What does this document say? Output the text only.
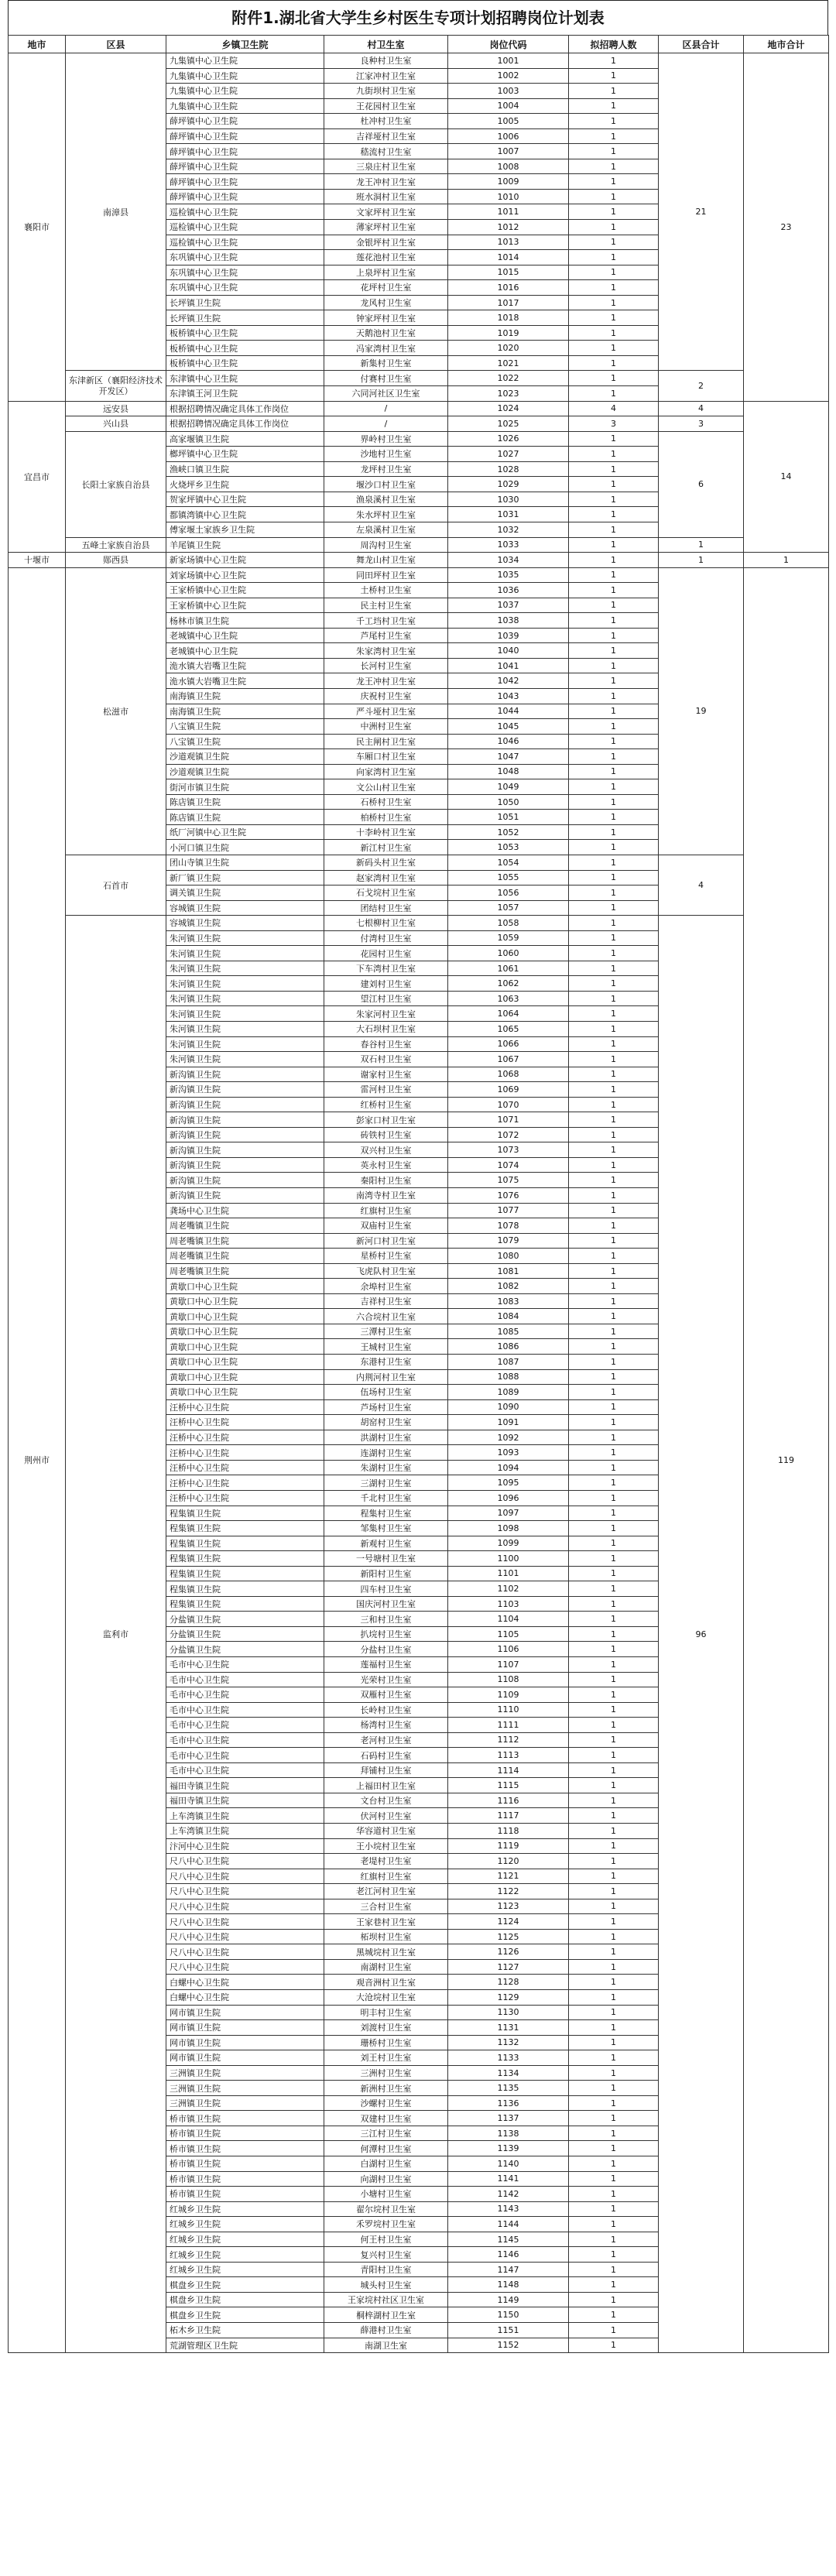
附件1.湖北省大学生乡村医生专项计划招聘岗位计划表
地市	区县	乡镇卫生院	村卫生室	岗位代码	拟招聘人数	区县合计	地市合计
襄阳市	南漳县	九集镇中心卫生院	良种村卫生室	1001	1	21	23
		九集镇中心卫生院	江家冲村卫生室	1002	1		
		九集镇中心卫生院	九街坝村卫生室	1003	1		
		九集镇中心卫生院	王花园村卫生室	1004	1		
		薛坪镇中心卫生院	杜冲村卫生室	1005	1		
		薛坪镇中心卫生院	吉祥垭村卫生室	1006	1		
		薛坪镇中心卫生院	嵇流村卫生室	1007	1		
		薛坪镇中心卫生院	三泉庄村卫生室	1008	1		
		薛坪镇中心卫生院	龙王冲村卫生室	1009	1		
		薛坪镇中心卫生院	班水洞村卫生室	1010	1		
		巡检镇中心卫生院	文家坪村卫生室	1011	1		
		巡检镇中心卫生院	薄家坪村卫生室	1012	1		
		巡检镇中心卫生院	金银坪村卫生室	1013	1		
		东巩镇中心卫生院	莲花池村卫生室	1014	1		
		东巩镇中心卫生院	上泉坪村卫生室	1015	1		
		东巩镇中心卫生院	花坪村卫生室	1016	1		
		长坪镇卫生院	龙风村卫生室	1017	1		
		长坪镇卫生院	钟家坪村卫生室	1018	1		
		板桥镇中心卫生院	天鹅池村卫生室	1019	1		
		板桥镇中心卫生院	冯家湾村卫生室	1020	1		
		板桥镇中心卫生院	新集村卫生室	1021	1		
	东津新区（襄阳经济技术开发区）	东津镇中心卫生院	付赛村卫生室	1022	1	2	
		东津镇王河卫生院	六同河社区卫生室	1023	1		
宜昌市	远安县	根据招聘情况确定具体工作岗位	/	1024	4	4	14
	兴山县	根据招聘情况确定具体工作岗位	/	1025	3	3	
	长阳土家族自治县	高家堰镇卫生院	界岭村卫生室	1026	1	6	
		榔坪镇中心卫生院	沙地村卫生室	1027	1		
		渔峡口镇卫生院	龙坪村卫生室	1028	1		
		火烧坪乡卫生院	堰沙口村卫生室	1029	1		
		贺家坪镇中心卫生院	渔泉溪村卫生室	1030	1		
		都镇湾镇中心卫生院	朱水坪村卫生室	1031	1		
		傅家堰土家族乡卫生院	左泉溪村卫生室	1032	1		
	五峰土家族自治县	羊尾镇卫生院	周沟村卫生室	1033	1	1	
十堰市	郧西县	新家场镇中心卫生院	舞龙山村卫生室	1034	1	1	1
荆州市	松滋市	刘家场镇中心卫生院	同田坪村卫生室	1035	1	19	119
		王家桥镇中心卫生院	土桥村卫生室	1036	1		
		王家桥镇中心卫生院	民主村卫生室	1037	1		
		杨林市镇卫生院	千工垱村卫生室	1038	1		
		老城镇中心卫生院	芦尾村卫生室	1039	1		
		老城镇中心卫生院	朱家湾村卫生室	1040	1		
		洈水镇大岩嘴卫生院	长河村卫生室	1041	1		
		洈水镇大岩嘴卫生院	龙王冲村卫生室	1042	1		
		南海镇卫生院	庆祝村卫生室	1043	1		
		南海镇卫生院	严斗垭村卫生室	1044	1		
		八宝镇卫生院	中洲村卫生室	1045	1		
		八宝镇卫生院	民主闸村卫生室	1046	1		
		沙道观镇卫生院	车厢口村卫生室	1047	1		
		沙道观镇卫生院	向家湾村卫生室	1048	1		
		街河市镇卫生院	文公山村卫生室	1049	1		
		陈店镇卫生院	石桥村卫生室	1050	1		
		陈店镇卫生院	柏桥村卫生室	1051	1		
		纸厂河镇中心卫生院	十李岭村卫生室	1052	1		
		小河口镇卫生院	新江村卫生室	1053	1		
	石首市	团山寺镇卫生院	新码头村卫生室	1054	1	4	
		新厂镇卫生院	赵家湾村卫生室	1055	1		
		调关镇卫生院	石戈垸村卫生室	1056	1		
		容城镇卫生院	团结村卫生室	1057	1		
	监利市	容城镇卫生院	七根柳村卫生室	1058	1	96	
		朱河镇卫生院	付湾村卫生室	1059	1		
		朱河镇卫生院	花园村卫生室	1060	1		
		朱河镇卫生院	下车湾村卫生室	1061	1		
		朱河镇卫生院	建刘村卫生室	1062	1		
		朱河镇卫生院	望江村卫生室	1063	1		
		朱河镇卫生院	朱家河村卫生室	1064	1		
		朱河镇卫生院	大石坝村卫生室	1065	1		
		朱河镇卫生院	春谷村卫生室	1066	1		
		朱河镇卫生院	双石村卫生室	1067	1		
		新沟镇卫生院	谢家村卫生室	1068	1		
		新沟镇卫生院	雷河村卫生室	1069	1		
		新沟镇卫生院	红桥村卫生室	1070	1		
		新沟镇卫生院	彭家口村卫生室	1071	1		
		新沟镇卫生院	砖铁村卫生室	1072	1		
		新沟镇卫生院	双兴村卫生室	1073	1		
		新沟镇卫生院	英永村卫生室	1074	1		
		新沟镇卫生院	秦阳村卫生室	1075	1		
		新沟镇卫生院	南湾寺村卫生室	1076	1		
		龚场中心卫生院	红旗村卫生室	1077	1		
		周老嘴镇卫生院	双庙村卫生室	1078	1		
		周老嘴镇卫生院	新河口村卫生室	1079	1		
		周老嘴镇卫生院	星桥村卫生室	1080	1		
		周老嘴镇卫生院	飞虎队村卫生室	1081	1		
		黄歇口中心卫生院	余埠村卫生室	1082	1		
		黄歇口中心卫生院	吉祥村卫生室	1083	1		
		黄歇口中心卫生院	六合垸村卫生室	1084	1		
		黄歇口中心卫生院	三潭村卫生室	1085	1		
		黄歇口中心卫生院	王城村卫生室	1086	1		
		黄歇口中心卫生院	东港村卫生室	1087	1		
		黄歇口中心卫生院	内荆河村卫生室	1088	1		
		黄歇口中心卫生院	伍场村卫生室	1089	1		
		汪桥中心卫生院	芦场村卫生室	1090	1		
		汪桥中心卫生院	胡窑村卫生室	1091	1		
		汪桥中心卫生院	洪湖村卫生室	1092	1		
		汪桥中心卫生院	连湖村卫生室	1093	1		
		汪桥中心卫生院	朱湖村卫生室	1094	1		
		汪桥中心卫生院	三湖村卫生室	1095	1		
		汪桥中心卫生院	千北村卫生室	1096	1		
		程集镇卫生院	程集村卫生室	1097	1		
		程集镇卫生院	邹集村卫生室	1098	1		
		程集镇卫生院	新观村卫生室	1099	1		
		程集镇卫生院	一号塘村卫生室	1100	1		
		程集镇卫生院	新阳村卫生室	1101	1		
		程集镇卫生院	四车村卫生室	1102	1		
		程集镇卫生院	国庆河村卫生室	1103	1		
		分盐镇卫生院	三和村卫生室	1104	1		
		分盐镇卫生院	扒垸村卫生室	1105	1		
		分盐镇卫生院	分盐村卫生室	1106	1		
		毛市中心卫生院	莲福村卫生室	1107	1		
		毛市中心卫生院	光荣村卫生室	1108	1		
		毛市中心卫生院	双雁村卫生室	1109	1		
		毛市中心卫生院	长岭村卫生室	1110	1		
		毛市中心卫生院	杨湾村卫生室	1111	1		
		毛市中心卫生院	老河村卫生室	1112	1		
		毛市中心卫生院	石码村卫生室	1113	1		
		毛市中心卫生院	拜铺村卫生室	1114	1		
		福田寺镇卫生院	上福田村卫生室	1115	1		
		福田寺镇卫生院	文台村卫生室	1116	1		
		上车湾镇卫生院	伏河村卫生室	1117	1		
		上车湾镇卫生院	华容道村卫生室	1118	1		
		汴河中心卫生院	王小垸村卫生室	1119	1		
		尺八中心卫生院	老堤村卫生室	1120	1		
		尺八中心卫生院	红旗村卫生室	1121	1		
		尺八中心卫生院	老江河村卫生室	1122	1		
		尺八中心卫生院	三合村卫生室	1123	1		
		尺八中心卫生院	王家巷村卫生室	1124	1		
		尺八中心卫生院	柘坝村卫生室	1125	1		
		尺八中心卫生院	黑城垸村卫生室	1126	1		
		尺八中心卫生院	南湖村卫生室	1127	1		
		白螺中心卫生院	观音洲村卫生室	1128	1		
		白螺中心卫生院	大沧垸村卫生室	1129	1		
		网市镇卫生院	明丰村卫生室	1130	1		
		网市镇卫生院	刘渡村卫生室	1131	1		
		网市镇卫生院	珊桥村卫生室	1132	1		
		网市镇卫生院	刘王村卫生室	1133	1		
		三洲镇卫生院	三洲村卫生室	1134	1		
		三洲镇卫生院	新洲村卫生室	1135	1		
		三洲镇卫生院	沙螺村卫生室	1136	1		
		桥市镇卫生院	双建村卫生室	1137	1		
		桥市镇卫生院	三江村卫生室	1138	1		
		桥市镇卫生院	何潭村卫生室	1139	1		
		桥市镇卫生院	白湖村卫生室	1140	1		
		桥市镇卫生院	向湖村卫生室	1141	1		
		桥市镇卫生院	小塘村卫生室	1142	1		
		红城乡卫生院	翟尔垸村卫生室	1143	1		
		红城乡卫生院	禾罗垸村卫生室	1144	1		
		红城乡卫生院	何王村卫生室	1145	1		
		红城乡卫生院	复兴村卫生室	1146	1		
		红城乡卫生院	青阳村卫生室	1147	1		
		棋盘乡卫生院	城头村卫生室	1148	1		
		棋盘乡卫生院	王家垸村社区卫生室	1149	1		
		棋盘乡卫生院	桐梓湖村卫生室	1150	1		
		柘木乡卫生院	薛港村卫生室	1151	1		
		荒湖管理区卫生院	南湖卫生室	1152	1		
